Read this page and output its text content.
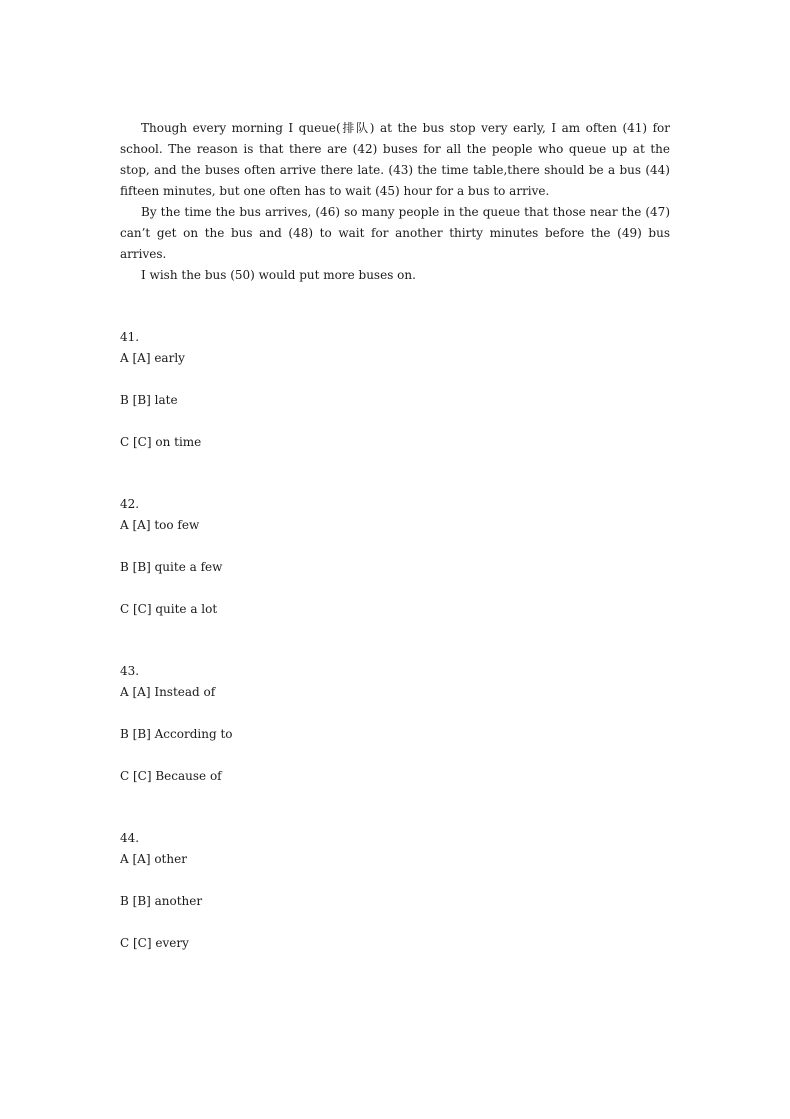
Though every morning I queue(排队) at the bus stop very early, I am often (41) for school. The reason is that there are (42) buses for all the people who queue up at the stop, and the buses often arrive there late. (43) the time table,there should be a bus (44) fifteen minutes, but one often has to wait (45) hour for a bus to arrive.

By the time the bus arrives, (46) so many people in the queue that those near the (47) can’t get on the bus and (48) to wait for another thirty minutes before the (49) bus arrives.

I wish the bus (50) would put more buses on.

41.
A [A] early
B [B] late
C [C] on time
42.
A [A] too few
B [B] quite a few
C [C] quite a lot
43.
A [A] Instead of
B [B] According to
C [C] Because of
44.
A [A] other
B [B] another
C [C] every
